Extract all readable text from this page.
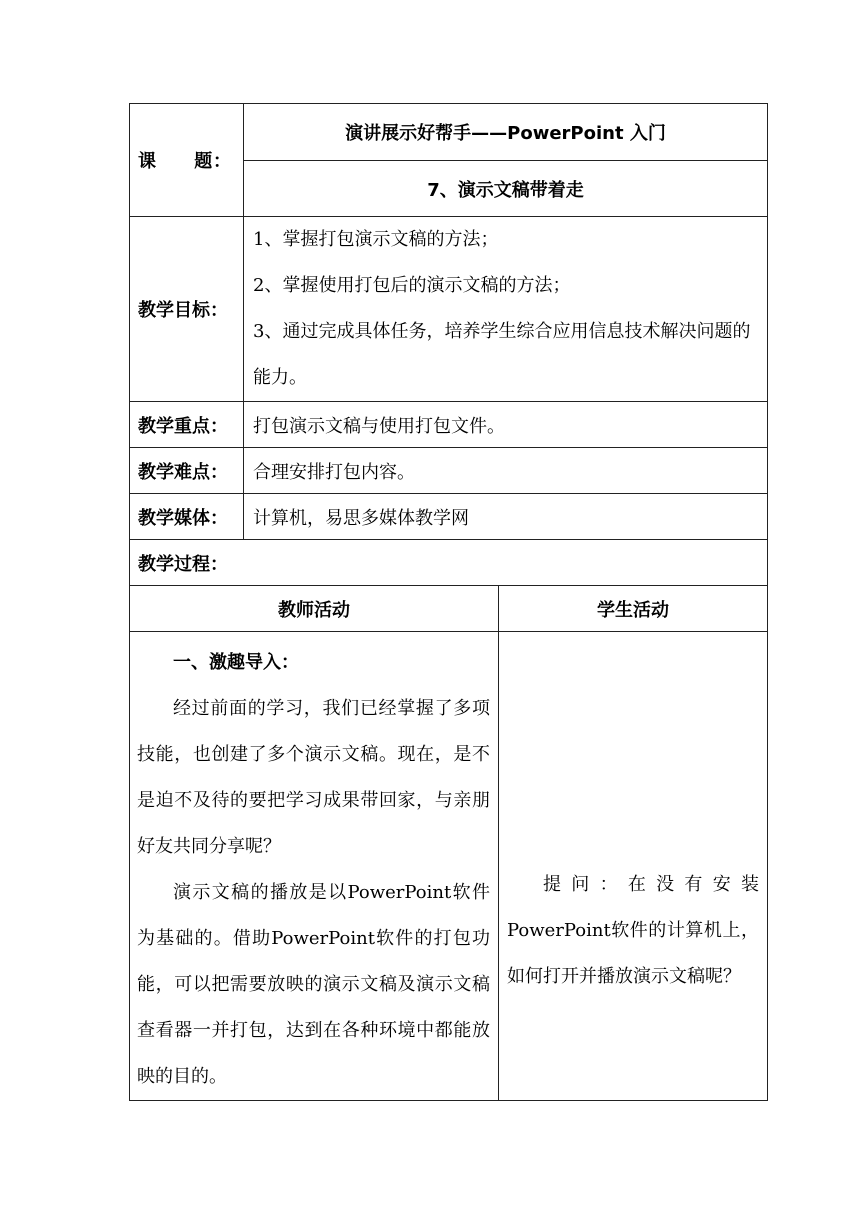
课　　题：	演讲展示好帮手——PowerPoint 入门	
	7、演示文稿带着走	
教学目标：	1、掌握打包演示文稿的方法；

2、掌握使用打包后的演示文稿的方法；

3、通过完成具体任务，培养学生综合应用信息技术解决问题的能力。	

教学重点：	打包演示文稿与使用打包文件。	
教学难点：	合理安排打包内容。	
教学媒体：	计算机，易思多媒体教学网	
教学过程：		
教师活动		学生活动

一、激趣导入：

经过前面的学习，我们已经掌握了多项技能，也创建了多个演示文稿。现在，是不是迫不及待的要把学习成果带回家，与亲朋好友共同分享呢？

演示文稿的播放是以PowerPoint软件为基础的。借助PowerPoint软件的打包功能，可以把需要放映的演示文稿及演示文稿查看器一并打包，达到在各种环境中都能放映的目的。		提问：在没有安装PowerPoint软件的计算机上，如何打开并播放演示文稿呢？
